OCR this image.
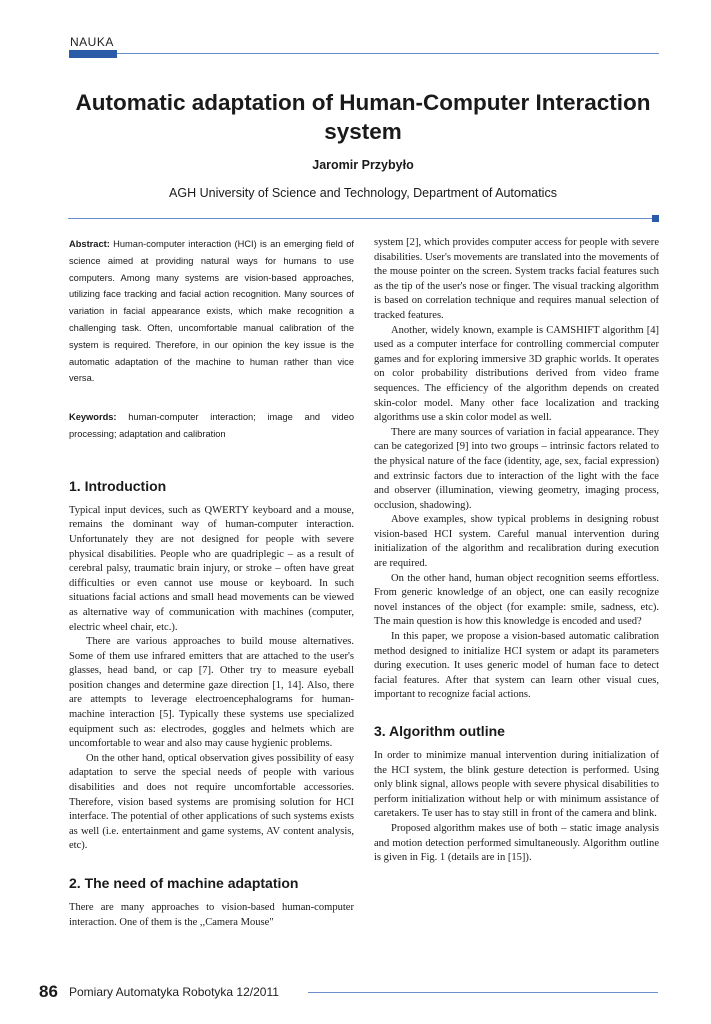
NAUKA
Automatic adaptation of Human-Computer Interaction system
Jaromir Przybyło
AGH University of Science and Technology, Department of Automatics

Abstract: Human-computer interaction (HCI) is an emerging field of science aimed at providing natural ways for humans to use computers. Among many systems are vision-based approaches, utilizing face tracking and facial action recognition. Many sources of variation in facial appearance exists, which make recognition a challenging task. Often, uncomfortable manual calibration of the system is required. Therefore, in our opinion the key issue is the automatic adaptation of the machine to human rather than vice versa.

Keywords: human-computer interaction; image and video processing; adaptation and calibration

1. Introduction

Typical input devices, such as QWERTY keyboard and a mouse, remains the dominant way of human-computer interaction. Unfortunately they are not designed for people with severe physical disabilities. People who are quadriplegic – as a result of cerebral palsy, traumatic brain injury, or stroke – often have great difficulties or even cannot use mouse or keyboard. In such situations facial actions and small head movements can be viewed as alternative way of communication with machines (computer, electric wheel chair, etc.).

There are various approaches to build mouse alternatives. Some of them use infrared emitters that are attached to the user's glasses, head band, or cap [7]. Other try to measure eyeball position changes and determine gaze direction [1, 14]. Also, there are attempts to leverage electroencephalograms for human-machine interaction [5]. Typically these systems use specialized equipment such as: electrodes, goggles and helmets which are uncomfortable to wear and also may cause hygienic problems.

On the other hand, optical observation gives possibility of easy adaptation to serve the special needs of people with various disabilities and does not require uncomfortable accessories. Therefore, vision based systems are promising solution for HCI interface. The potential of other applications of such systems exists as well (i.e. entertainment and game systems, AV content analysis, etc).

2. The need of machine adaptation

There are many approaches to vision-based human-computer interaction. One of them is the ,,Camera Mouse"

system [2], which provides computer access for people with severe disabilities. User's movements are translated into the movements of the mouse pointer on the screen. System tracks facial features such as the tip of the user's nose or finger. The visual tracking algorithm is based on correlation technique and requires manual selection of tracked features.

Another, widely known, example is CAMSHIFT algorithm [4] used as a computer interface for controlling commercial computer games and for exploring immersive 3D graphic worlds. It operates on color probability distributions derived from video frame sequences. The efficiency of the algorithm depends on created skin-color model. Many other face localization and tracking algorithms use a skin color model as well.

There are many sources of variation in facial appearance. They can be categorized [9] into two groups – intrinsic factors related to the physical nature of the face (identity, age, sex, facial expression) and extrinsic factors due to interaction of the light with the face and observer (illumination, viewing geometry, imaging process, occlusion, shadowing).

Above examples, show typical problems in designing robust vision-based HCI system. Careful manual intervention during initialization of the algorithm and recalibration during execution are required.

On the other hand, human object recognition seems effortless. From generic knowledge of an object, one can easily recognize novel instances of the object (for example: smile, sadness, etc). The main question is how this knowledge is encoded and used?

In this paper, we propose a vision-based automatic calibration method designed to initialize HCI system or adapt its parameters during execution. It uses generic model of human face to detect facial features. After that system can learn other visual cues, important to recognize facial actions.

3. Algorithm outline

In order to minimize manual intervention during initialization of the HCI system, the blink gesture detection is performed. Using only blink signal, allows people with severe physical disabilities to perform initialization without help or with minimum assistance of caretakers. Te user has to stay still in front of the camera and blink.

Proposed algorithm makes use of both – static image analysis and motion detection performed simultaneously. Algorithm outline is given in Fig. 1 (details are in [15]).

86 Pomiary Automatyka Robotyka 12/2011
